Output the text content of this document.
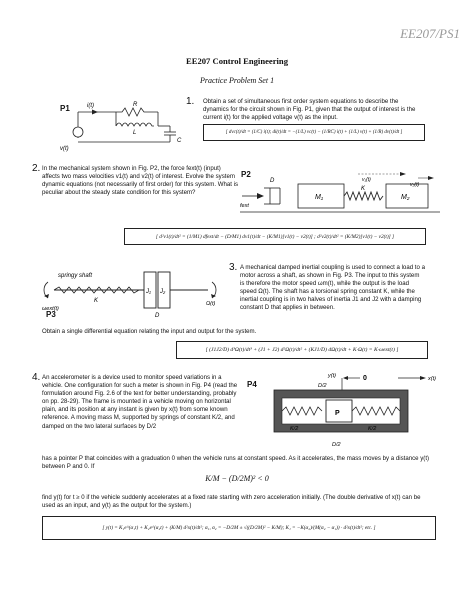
EE207/PS1
EE207 Control Engineering
Practice Problem Set 1
P1	i(t)	R
L
C
v(t)
1. Obtain a set of simultaneous first order system equations to describe the dynamics for the circuit shown in Fig. P1, given that the output of interest is the current i(t) for the applied voltage v(t) as the input.
[ dvc(t)/dt = (1/C) i(t); di(t)/dt = −(1/L) vc(t) − (1/RC) i(t) + (1/L) v(t) + (1/R) dv(t)/dt ]
2. In the mechanical system shown in Fig. P2, the force fext(t) (input) affects two mass velocities v1(t) and v2(t) of interest. Evolve the system dynamic equations (not necessarily of first order) for this system. What is peculiar about the steady state condition for this system?
P2
D
K
M₁	M₂
fext
v₁(t)
v₂(t)
[ d²v1(t)/dt² = (1/M1) dfext/dt − (D/M1) dv1(t)/dt − (K/M1)[v1(t) − v2(t)] ; d²v2(t)/dt² = (K/M2)[v1(t) − v2(t)] ]
springy shaft
K
J₁ J₂
D
ωext(t)
Ω(t)
P3
3. A mechanical damped inertial coupling is used to connect a load to a motor across a shaft, as shown in Fig. P3. The input to this system is therefore the motor speed ωm(t), while the output is the load speed Ω(t). The shaft has a torsional spring constant K, while the inertial coupling is in two halves of inertia J1 and J2 with a damping constant D that applies in between.
Obtain a single differential equation relating the input and output for the system.
[ (J1J2/D) d³Ω(t)/dt³ + (J1 + J2) d²Ω(t)/dt² + (KJ1/D) dΩ(t)/dt + K·Ω(t) = K·ωext(t) ]
4. An accelerometer is a device used to monitor speed variations in a vehicle. One configuration for such a meter is shown in Fig. P4 (read the formulation around Fig. 2.6 of the text for better understanding, probably on pp. 28-29). The frame is mounted in a vehicle moving on horizontal plain, and its position at any instant is given by x(t) from some known reference. A moving mass M, supported by springs of constant K/2, and damped on the two lateral surfaces by D/2
P4	D/2
D/2
K/2	K/2
P
y(t)	0	x(t)
has a pointer P that coincides with a graduation 0 when the vehicle runs at constant speed. As it accelerates, the mass moves by a distance y(t) between P and 0. If
K/M − (D/2M)² < 0
find y(t) for t ≥ 0 if the vehicle suddenly accelerates at a fixed rate starting with zero acceleration initially. (The double derivative of x(t) can be used as an input, and y(t) as the output for the system.)
[ y(t) = K₁e^(α₁t) + K₂e^(α₂t) + (K/M) d²x(t)/dt²; α₁, α₂ = −D/2M ± √((D/2M)² − K/M); K₁ = −K(α₂)/(M(α₂ − α₁)) · d²x(t)/dt²; etc. ]
